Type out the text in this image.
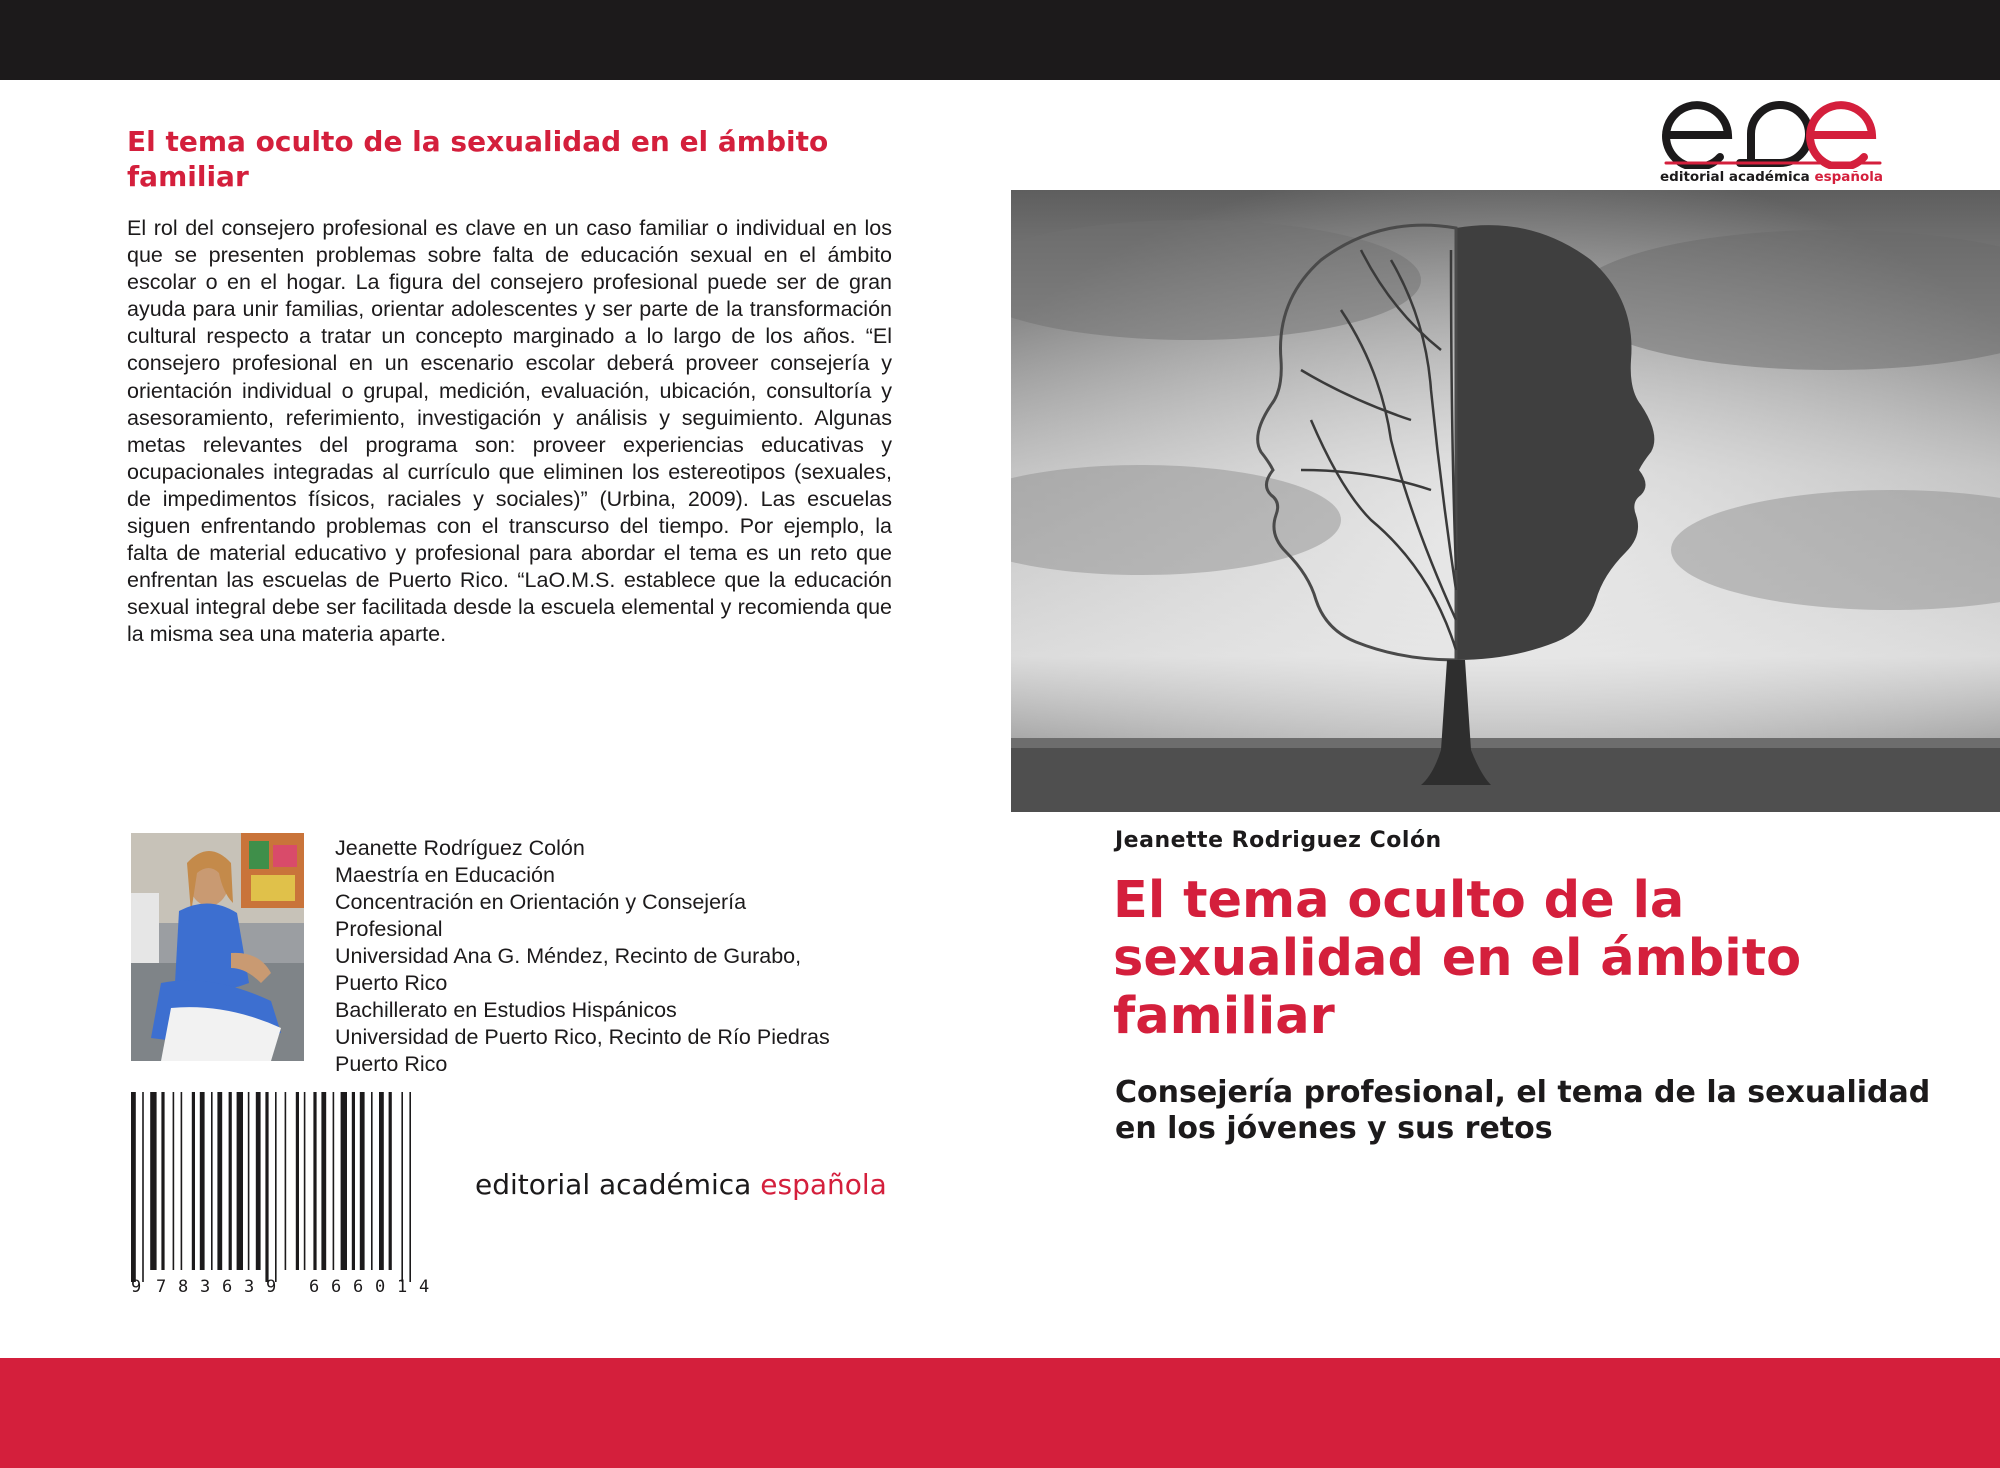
El tema oculto de la sexualidad en el ámbito familiar

El rol del consejero profesional es clave en un caso familiar o individual en los que se presenten problemas sobre falta de educación sexual en el ámbito escolar o en el hogar. La figura del consejero profesional puede ser de gran ayuda para unir familias, orientar adolescentes y ser parte de la transformación cultural respecto a tratar un concepto marginado a lo largo de los años. “El consejero profesional en un escenario escolar deberá proveer consejería y orientación individual o grupal, medición, evaluación, ubicación, consultoría y asesoramiento, referimiento, investigación y análisis y seguimiento. Algunas metas relevantes del programa son: proveer experiencias educativas y ocupacionales integradas al currículo que eliminen los estereotipos (sexuales, de impedimentos físicos, raciales y sociales)” (Urbina, 2009). Las escuelas siguen enfrentando problemas con el transcurso del tiempo. Por ejemplo, la falta de material educativo y profesional para abordar el tema es un reto que enfrentan las escuelas de Puerto Rico. “LaO.M.S. establece que la educación sexual integral debe ser facilitada desde la escuela elemental y recomienda que la misma sea una materia aparte.

Jeanette Rodríguez Colón
Maestría en Educación
Concentración en Orientación y Consejería
Profesional
Universidad Ana G. Méndez, Recinto de Gurabo,
Puerto Rico
Bachillerato en Estudios Hispánicos
Universidad de Puerto Rico, Recinto de Río Piedras
Puerto Rico
9 7 8 3 6 3 9 6 6 6 0 1 4
editorial académica española
editorial académica española
Jeanette Rodriguez Colón
El tema oculto de la sexualidad en el ámbito familiar
Consejería profesional, el tema de la sexualidad en los jóvenes y sus retos
